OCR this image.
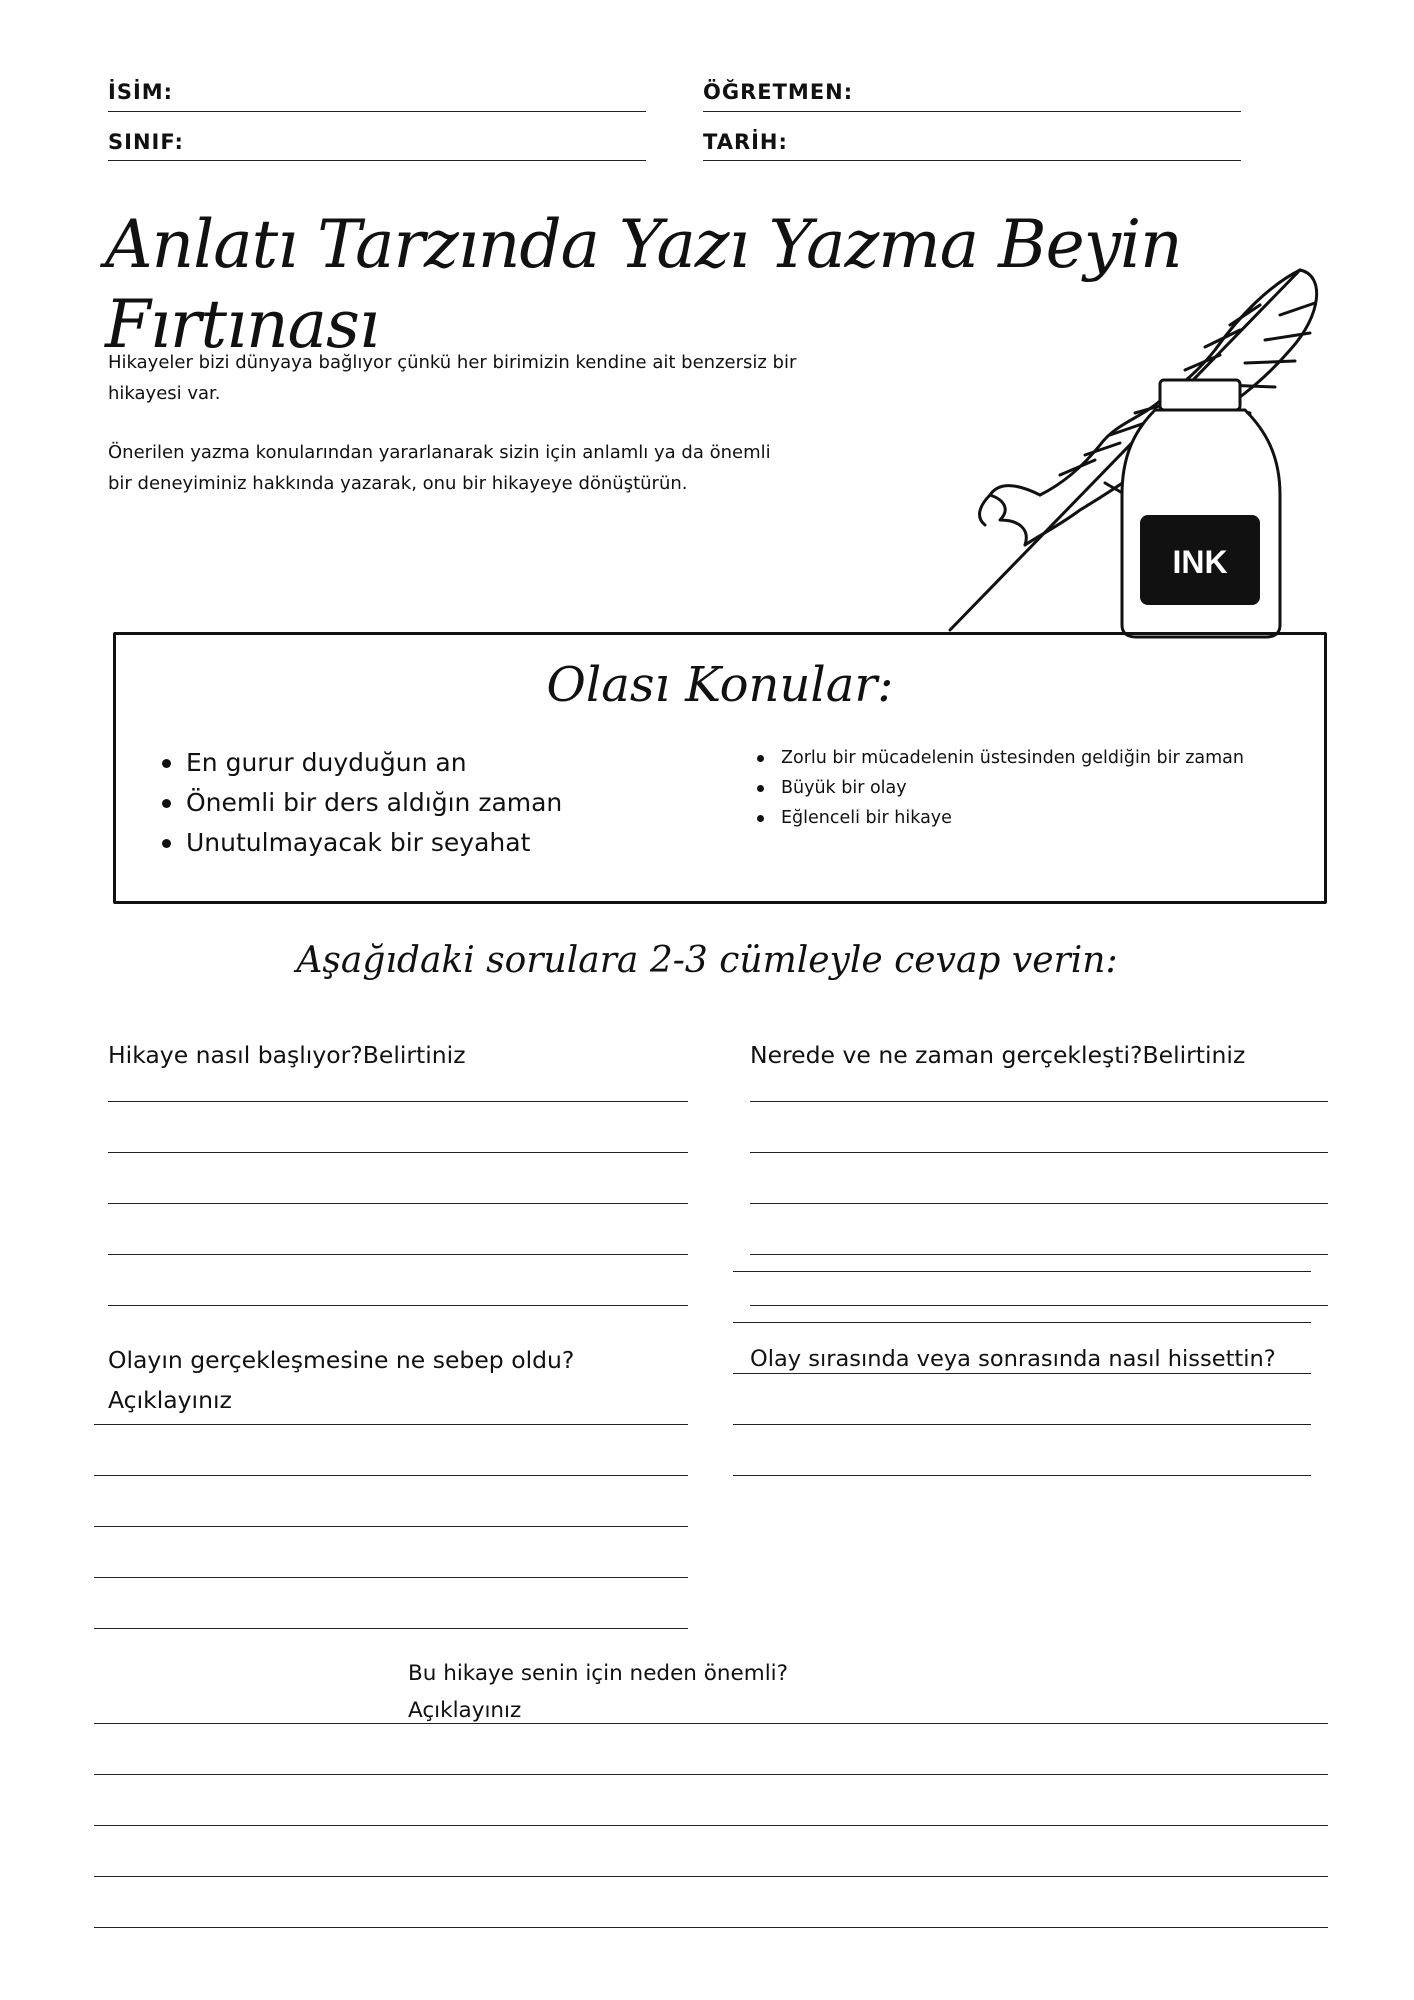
İSİM:	ÖĞRETMEN:
SINIF:	TARİH:
Anlatı Tarzında Yazı Yazma Beyin Fırtınası
Hikayeler bizi dünyaya bağlıyor çünkü her birimizin kendine ait benzersiz bir
hikayesi var.
Önerilen yazma konularından yararlanarak sizin için anlamlı ya da önemli
bir deneyiminiz hakkında yazarak, onu bir hikayeye dönüştürün.
INK
Olası Konular:
En gurur duyduğun an
Önemli bir ders aldığın zaman
Unutulmayacak bir seyahat
Zorlu bir mücadelenin üstesinden geldiğin bir zaman
Büyük bir olay
Eğlenceli bir hikaye
Aşağıdaki sorulara 2-3 cümleyle cevap verin:
Hikaye nasıl başlıyor?Belirtiniz	Nerede ve ne zaman gerçekleşti?Belirtiniz
Olayın gerçekleşmesine ne sebep oldu?
Açıklayınız
Olay sırasında veya sonrasında nasıl hissettin?
Bu hikaye senin için neden önemli?
Açıklayınız
